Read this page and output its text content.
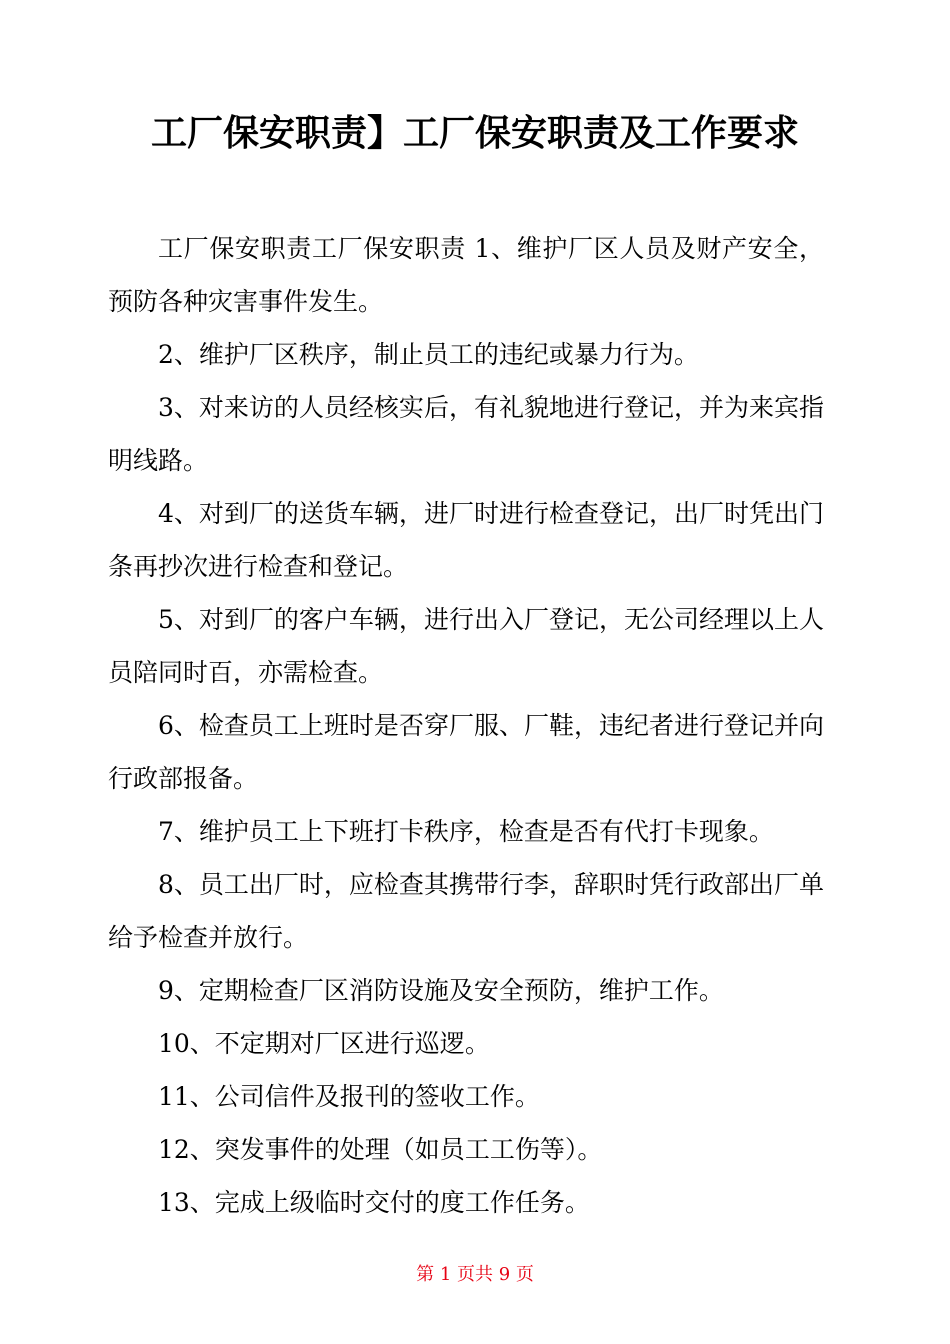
工厂保安职责】工厂保安职责及工作要求

工厂保安职责工厂保安职责 1、维护厂区人员及财产安全，预防各种灾害事件发生。

2、维护厂区秩序，制止员工的违纪或暴力行为。

3、对来访的人员经核实后，有礼貌地进行登记，并为来宾指明线路。

4、对到厂的送货车辆，进厂时进行检查登记，出厂时凭出门条再抄次进行检查和登记。

5、对到厂的客户车辆，进行出入厂登记，无公司经理以上人员陪同时百，亦需检查。

6、检查员工上班时是否穿厂服、厂鞋，违纪者进行登记并向行政部报备。

7、维护员工上下班打卡秩序，检查是否有代打卡现象。

8、员工出厂时，应检查其携带行李，辞职时凭行政部出厂单给予检查并放行。

9、定期检查厂区消防设施及安全预防，维护工作。

10、不定期对厂区进行巡逻。

11、公司信件及报刊的签收工作。

12、突发事件的处理（如员工工伤等）。

13、完成上级临时交付的度工作任务。

第 1 页共 9 页
